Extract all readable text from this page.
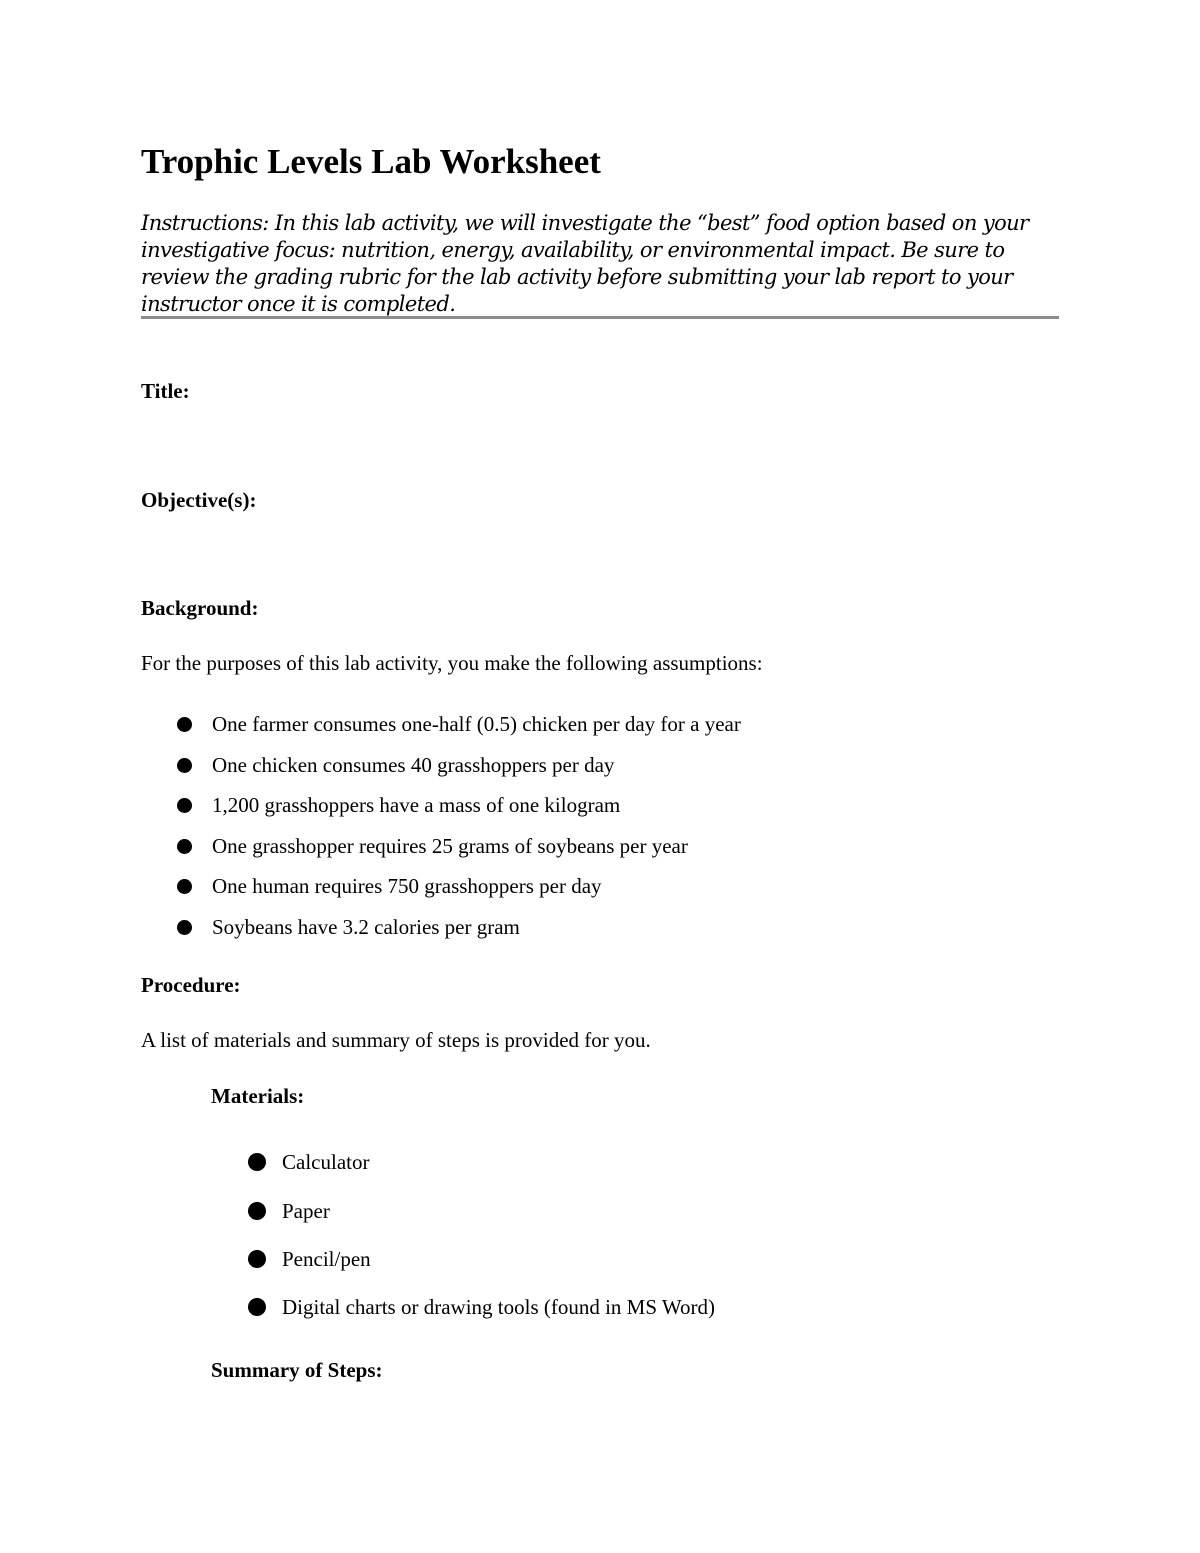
Trophic Levels Lab Worksheet
Instructions: In this lab activity, we will investigate the “best” food option based on your investigative focus: nutrition, energy, availability, or environmental impact. Be sure to review the grading rubric for the lab activity before submitting your lab report to your instructor once it is completed.
Title:
Objective(s):
Background:
For the purposes of this lab activity, you make the following assumptions:
One farmer consumes one-half (0.5) chicken per day for a year
One chicken consumes 40 grasshoppers per day
1,200 grasshoppers have a mass of one kilogram
One grasshopper requires 25 grams of soybeans per year
One human requires 750 grasshoppers per day
Soybeans have 3.2 calories per gram
Procedure:
A list of materials and summary of steps is provided for you.
Materials:
Calculator
Paper
Pencil/pen
Digital charts or drawing tools (found in MS Word)
Summary of Steps:
